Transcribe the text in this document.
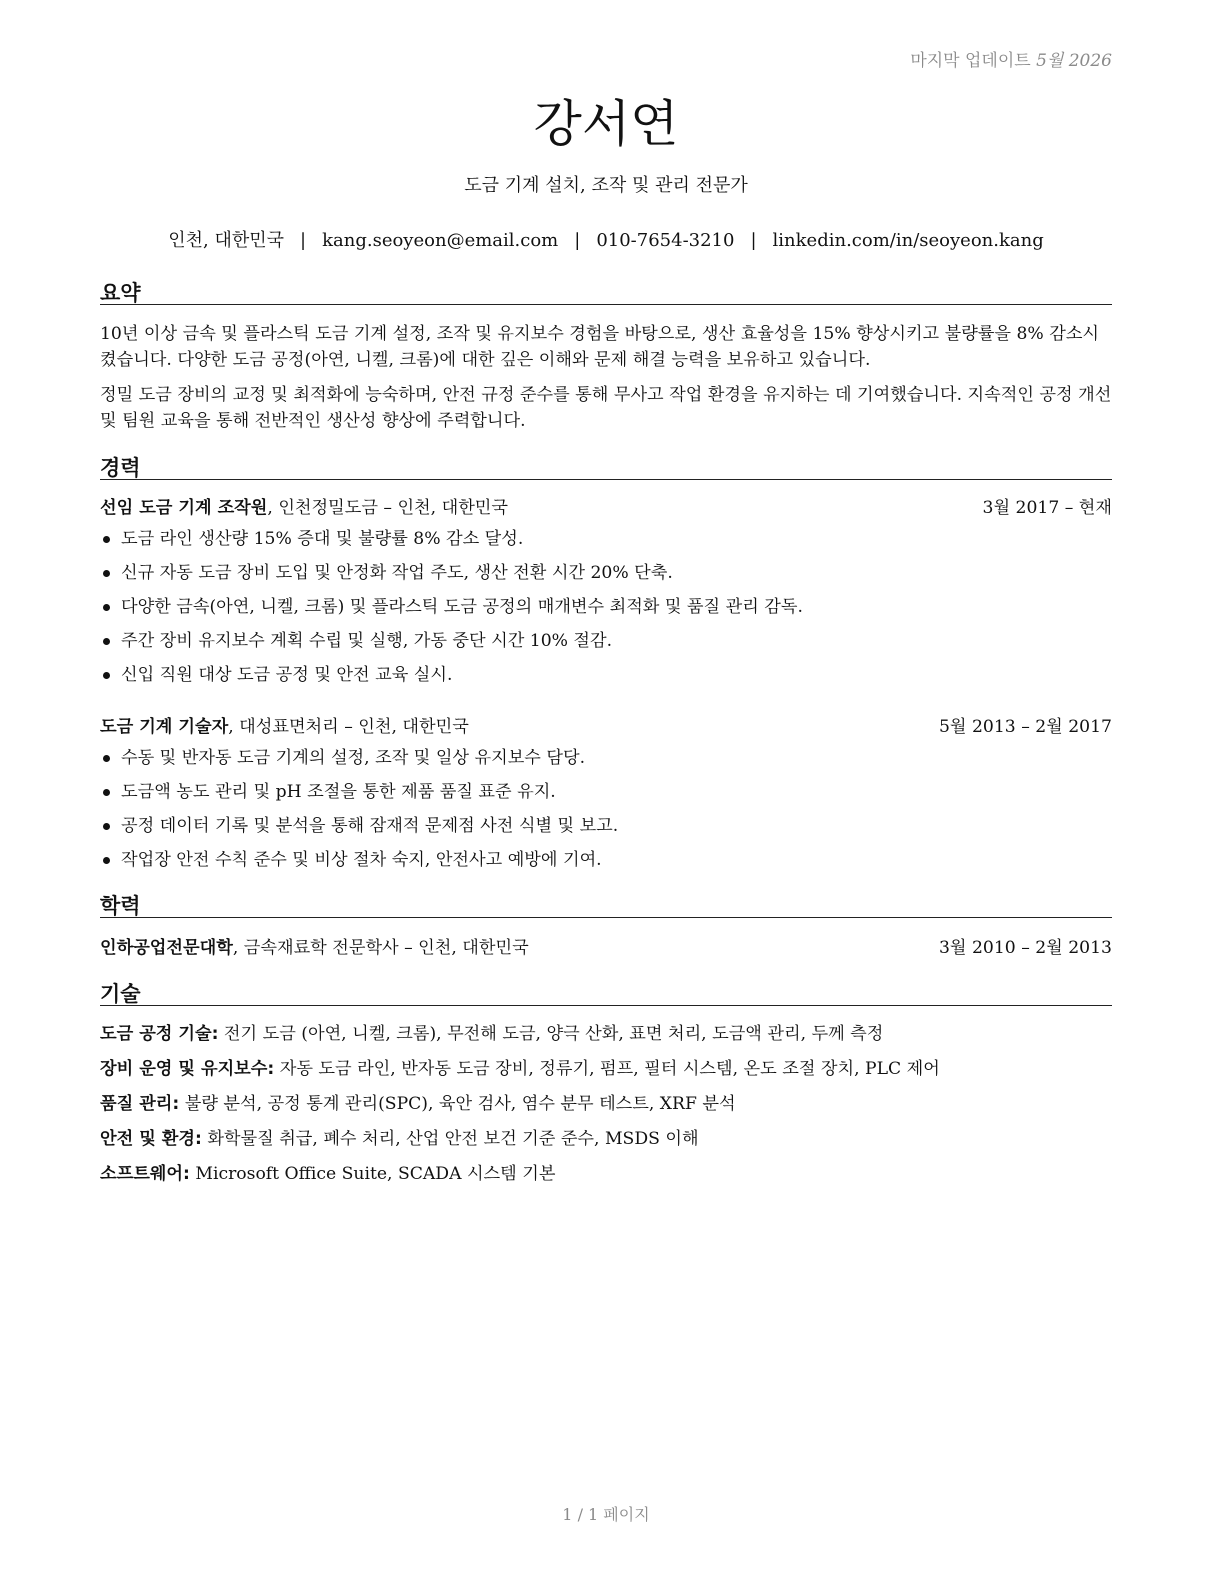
마지막 업데이트 5월 2026
강서연
도금 기계 설치, 조작 및 관리 전문가
인천, 대한민국 | kang.seoyeon@email.com | 010-7654-3210 | linkedin.com/in/seoyeon.kang
요약

10년 이상 금속 및 플라스틱 도금 기계 설정, 조작 및 유지보수 경험을 바탕으로, 생산 효율성을 15% 향상시키고 불량률을 8% 감소시켰습니다. 다양한 도금 공정(아연, 니켈, 크롬)에 대한 깊은 이해와 문제 해결 능력을 보유하고 있습니다.

정밀 도금 장비의 교정 및 최적화에 능숙하며, 안전 규정 준수를 통해 무사고 작업 환경을 유지하는 데 기여했습니다. 지속적인 공정 개선 및 팀원 교육을 통해 전반적인 생산성 향상에 주력합니다.

경력
선임 도금 기계 조작원, 인천정밀도금 – 인천, 대한민국	3월 2017 – 현재
도금 라인 생산량 15% 증대 및 불량률 8% 감소 달성.
신규 자동 도금 장비 도입 및 안정화 작업 주도, 생산 전환 시간 20% 단축.
다양한 금속(아연, 니켈, 크롬) 및 플라스틱 도금 공정의 매개변수 최적화 및 품질 관리 감독.
주간 장비 유지보수 계획 수립 및 실행, 가동 중단 시간 10% 절감.
신입 직원 대상 도금 공정 및 안전 교육 실시.
도금 기계 기술자, 대성표면처리 – 인천, 대한민국	5월 2013 – 2월 2017
수동 및 반자동 도금 기계의 설정, 조작 및 일상 유지보수 담당.
도금액 농도 관리 및 pH 조절을 통한 제품 품질 표준 유지.
공정 데이터 기록 및 분석을 통해 잠재적 문제점 사전 식별 및 보고.
작업장 안전 수칙 준수 및 비상 절차 숙지, 안전사고 예방에 기여.
학력
인하공업전문대학, 금속재료학 전문학사 – 인천, 대한민국	3월 2010 – 2월 2013
기술
도금 공정 기술: 전기 도금 (아연, 니켈, 크롬), 무전해 도금, 양극 산화, 표면 처리, 도금액 관리, 두께 측정
장비 운영 및 유지보수: 자동 도금 라인, 반자동 도금 장비, 정류기, 펌프, 필터 시스템, 온도 조절 장치, PLC 제어
품질 관리: 불량 분석, 공정 통계 관리(SPC), 육안 검사, 염수 분무 테스트, XRF 분석
안전 및 환경: 화학물질 취급, 폐수 처리, 산업 안전 보건 기준 준수, MSDS 이해
소프트웨어: Microsoft Office Suite, SCADA 시스템 기본
1 / 1 페이지
